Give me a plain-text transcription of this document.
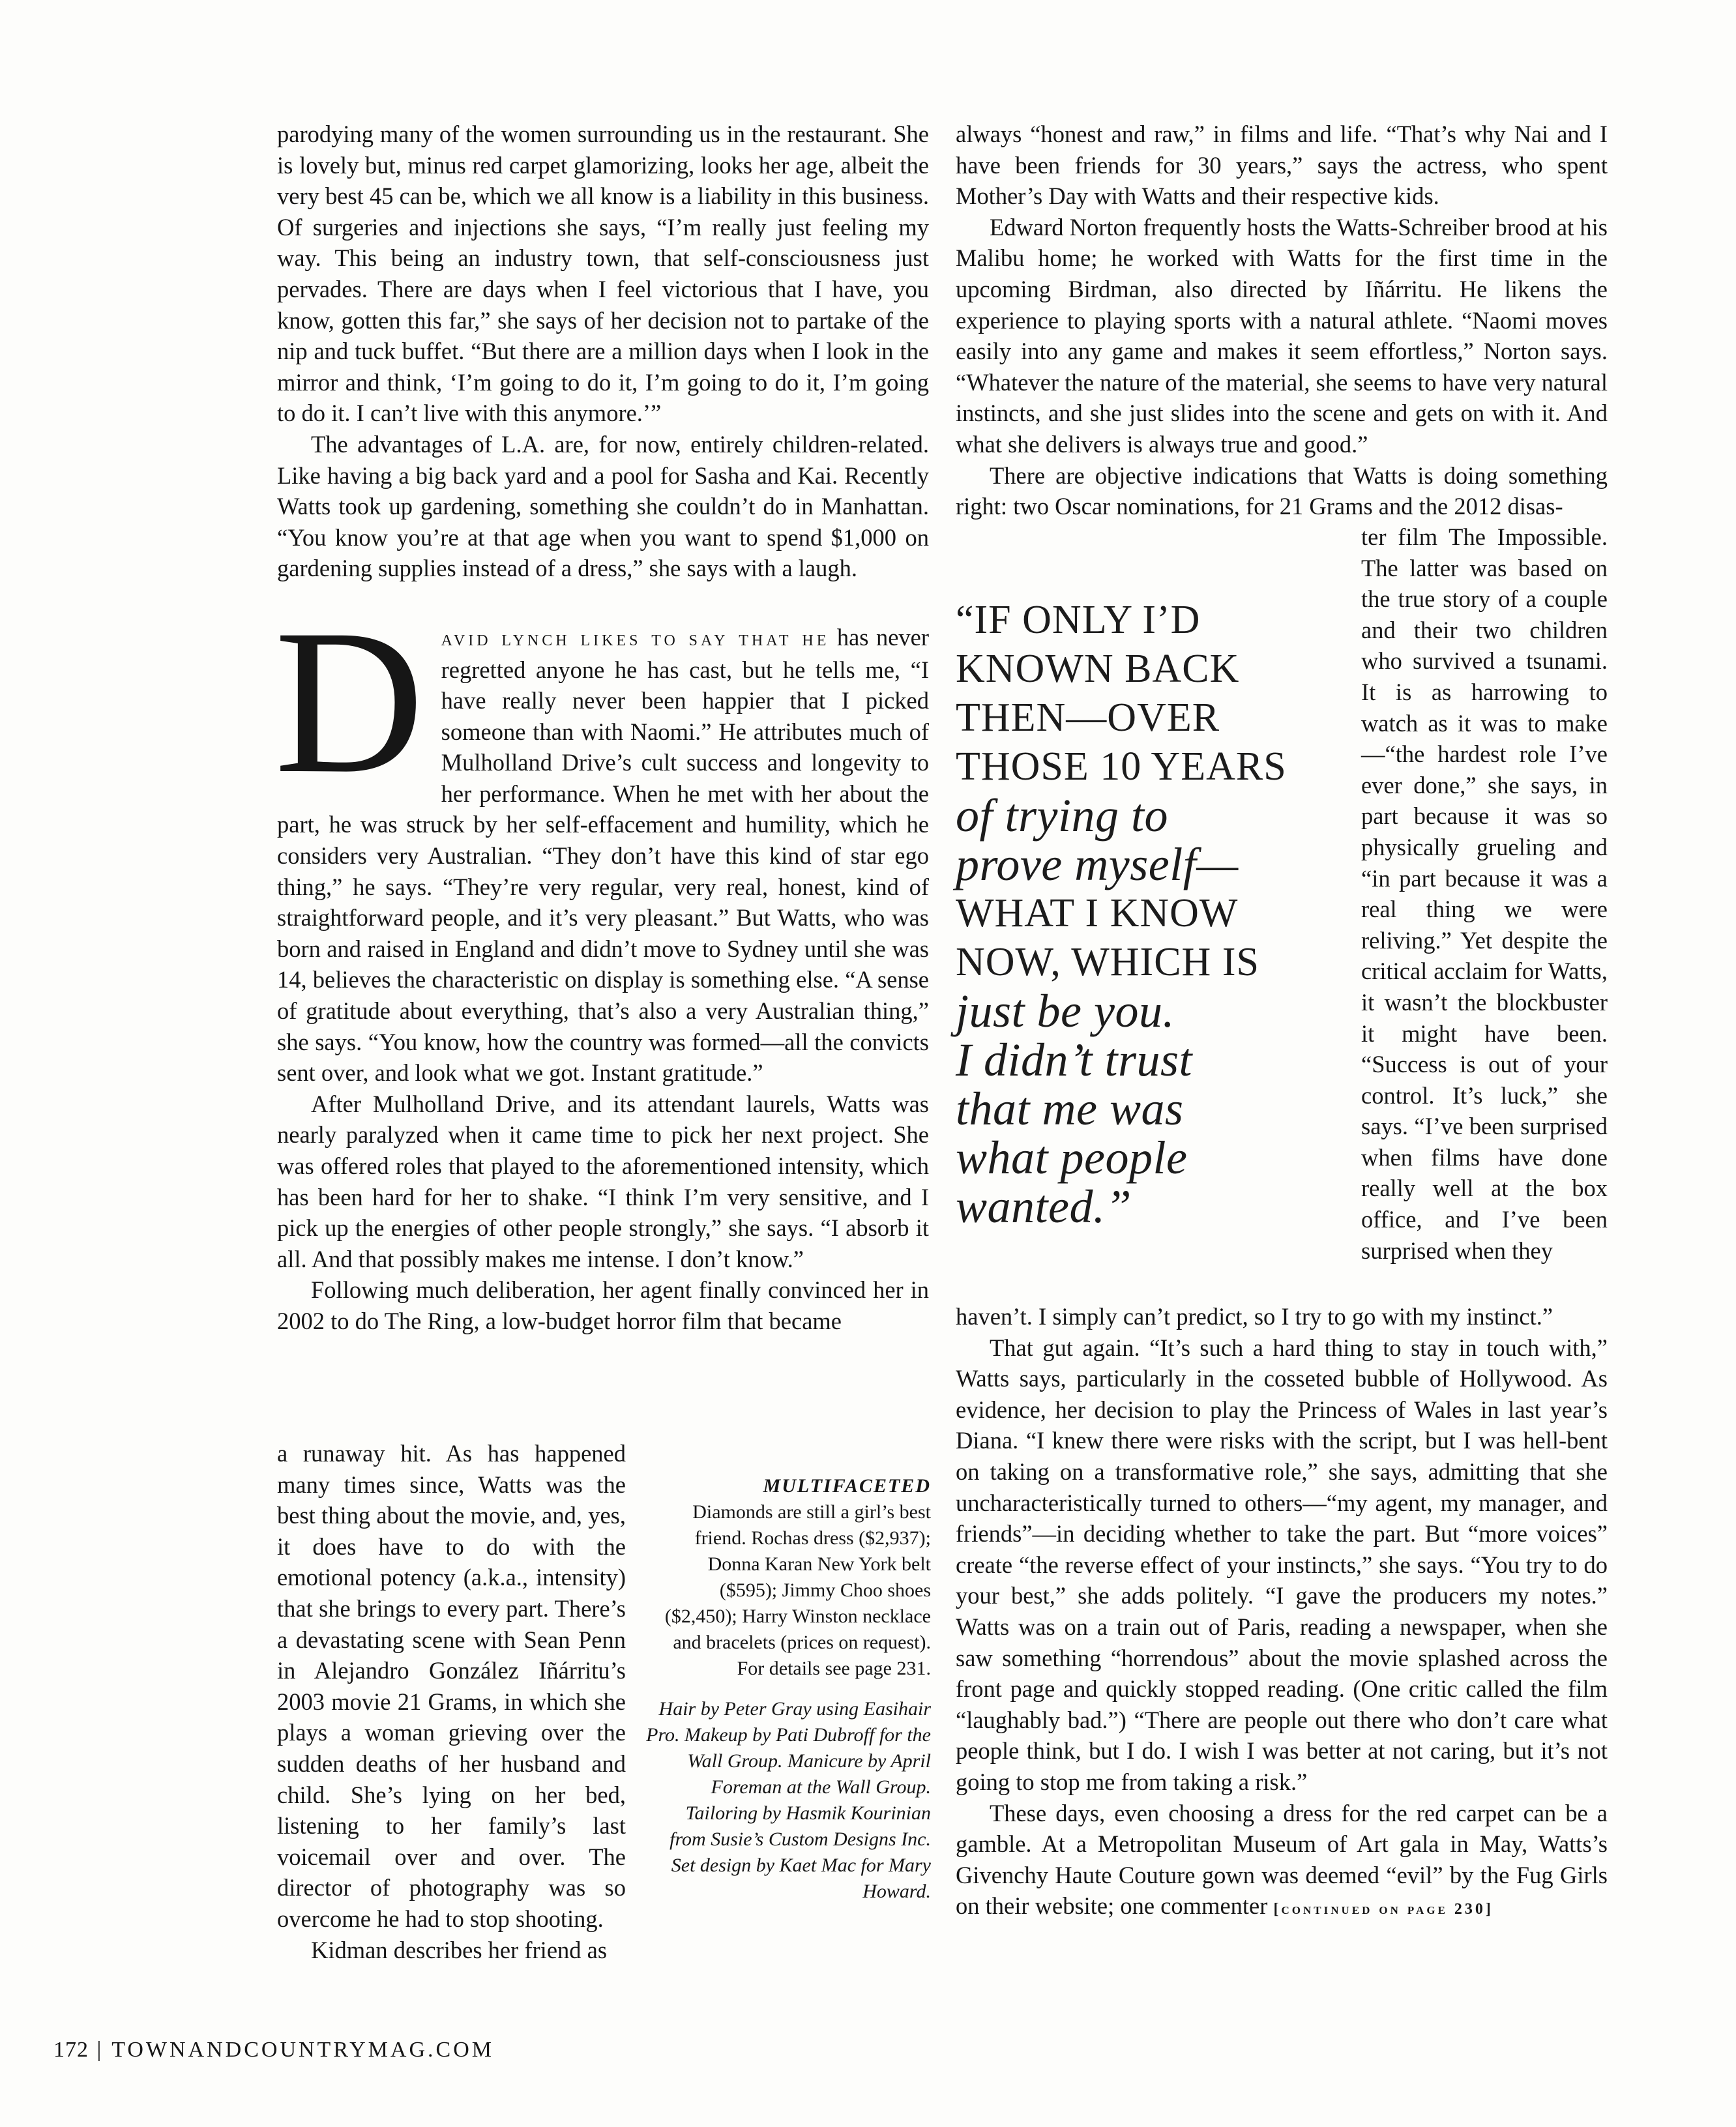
parodying many of the women surrounding us in the restaurant. She is lovely but, minus red carpet glamorizing, looks her age, albeit the very best 45 can be, which we all know is a liability in this business. Of surgeries and injections she says, “I’m really just feeling my way. This being an industry town, that self-consciousness just pervades. There are days when I feel victorious that I have, you know, gotten this far,” she says of her decision not to partake of the nip and tuck buffet. “But there are a million days when I look in the mirror and think, ‘I’m going to do it, I’m going to do it, I’m going to do it. I can’t live with this anymore.’”

The advantages of L.A. are, for now, entirely children-related. Like having a big back yard and a pool for Sasha and Kai. Recently Watts took up gardening, something she couldn’t do in Manhattan. “You know you’re at that age when you want to spend $1,000 on gardening supplies instead of a dress,” she says with a laugh.

D avid lynch likes to say that he has never regretted anyone he has cast, but he tells me, “I have really never been happier that I picked someone than with Naomi.” He attributes much of Mulholland Drive’s cult success and longevity to her performance. When he met with her about the part, he was struck by her self-effacement and humility, which he considers very Australian. “They don’t have this kind of star ego thing,” he says. “They’re very regular, very real, honest, kind of straightforward people, and it’s very pleasant.” But Watts, who was born and raised in England and didn’t move to Sydney until she was 14, believes the characteristic on display is something else. “A sense of gratitude about everything, that’s also a very Australian thing,” she says. “You know, how the country was formed—all the convicts sent over, and look what we got. Instant gratitude.”

After Mulholland Drive, and its attendant laurels, Watts was nearly paralyzed when it came time to pick her next project. She was offered roles that played to the aforementioned intensity, which has been hard for her to shake. “I think I’m very sensitive, and I pick up the energies of other people strongly,” she says. “I absorb it all. And that possibly makes me intense. I don’t know.”

Following much deliberation, her agent finally convinced her in 2002 to do The Ring, a low-budget horror film that became

a runaway hit. As has happened many times since, Watts was the best thing about the movie, and, yes, it does have to do with the emotional potency (a.k.a., intensity) that she brings to every part. There’s a devastating scene with Sean Penn in Alejandro González Iñárritu’s 2003 movie 21 Grams, in which she plays a woman grieving over the sudden deaths of her husband and child. She’s lying on her bed, listening to her family’s last voicemail over and over. The director of photography was so overcome he had to stop shooting.

Kidman describes her friend as

MULTIFACETED
Diamonds are still a girl’s best friend. Rochas dress ($2,937); Donna Karan New York belt ($595); Jimmy Choo shoes ($2,450); Harry Winston necklace and bracelets (prices on request). For details see page 231.
Hair by Peter Gray using Easihair Pro. Makeup by Pati Dubroff for the Wall Group. Manicure by April Foreman at the Wall Group. Tailoring by Hasmik Kourinian from Susie’s Custom Designs Inc. Set design by Kaet Mac for Mary Howard.

always “honest and raw,” in films and life. “That’s why Nai and I have been friends for 30 years,” says the actress, who spent Mother’s Day with Watts and their respective kids.

Edward Norton frequently hosts the Watts-Schreiber brood at his Malibu home; he worked with Watts for the first time in the upcoming Birdman, also directed by Iñárritu. He likens the experience to playing sports with a natural athlete. “Naomi moves easily into any game and makes it seem effortless,” Norton says. “Whatever the nature of the material, she seems to have very natural instincts, and she just slides into the scene and gets on with it. And what she delivers is always true and good.”

There are objective indications that Watts is doing something right: two Oscar nominations, for 21 Grams and the 2012 disas-

“IF ONLY I’D
KNOWN BACK
THEN—OVER
THOSE 10 YEARS
of trying to
prove myself—
WHAT I KNOW
NOW, WHICH IS
just be you.
I didn’t trust
that me was
what people
wanted.”
ter film The Impossible. The latter was based on the true story of a couple and their two children who survived a tsunami. It is as harrowing to watch as it was to make—“the hardest role I’ve ever done,” she says, in part because it was so physically grueling and “in part because it was a real thing we were reliving.” Yet despite the critical acclaim for Watts, it wasn’t the blockbuster it might have been. “Success is out of your control. It’s luck,” she says. “I’ve been surprised when films have done really well at the box office, and I’ve been surprised when they

haven’t. I simply can’t predict, so I try to go with my instinct.”

That gut again. “It’s such a hard thing to stay in touch with,” Watts says, particularly in the cosseted bubble of Hollywood. As evidence, her decision to play the Princess of Wales in last year’s Diana. “I knew there were risks with the script, but I was hell-bent on taking on a transformative role,” she says, admitting that she uncharacteristically turned to others—“my agent, my manager, and friends”—in deciding whether to take the part. But “more voices” create “the reverse effect of your instincts,” she says. “You try to do your best,” she adds politely. “I gave the producers my notes.” Watts was on a train out of Paris, reading a newspaper, when she saw something “horrendous” about the movie splashed across the front page and quickly stopped reading. (One critic called the film “laughably bad.”) “There are people out there who don’t care what people think, but I do. I wish I was better at not caring, but it’s not going to stop me from taking a risk.”

These days, even choosing a dress for the red carpet can be a gamble. At a Metropolitan Museum of Art gala in May, Watts’s Givenchy Haute Couture gown was deemed “evil” by the Fug Girls on their website; one commenter [continued on page 230]

172 | TOWNANDCOUNTRYMAG.COM
